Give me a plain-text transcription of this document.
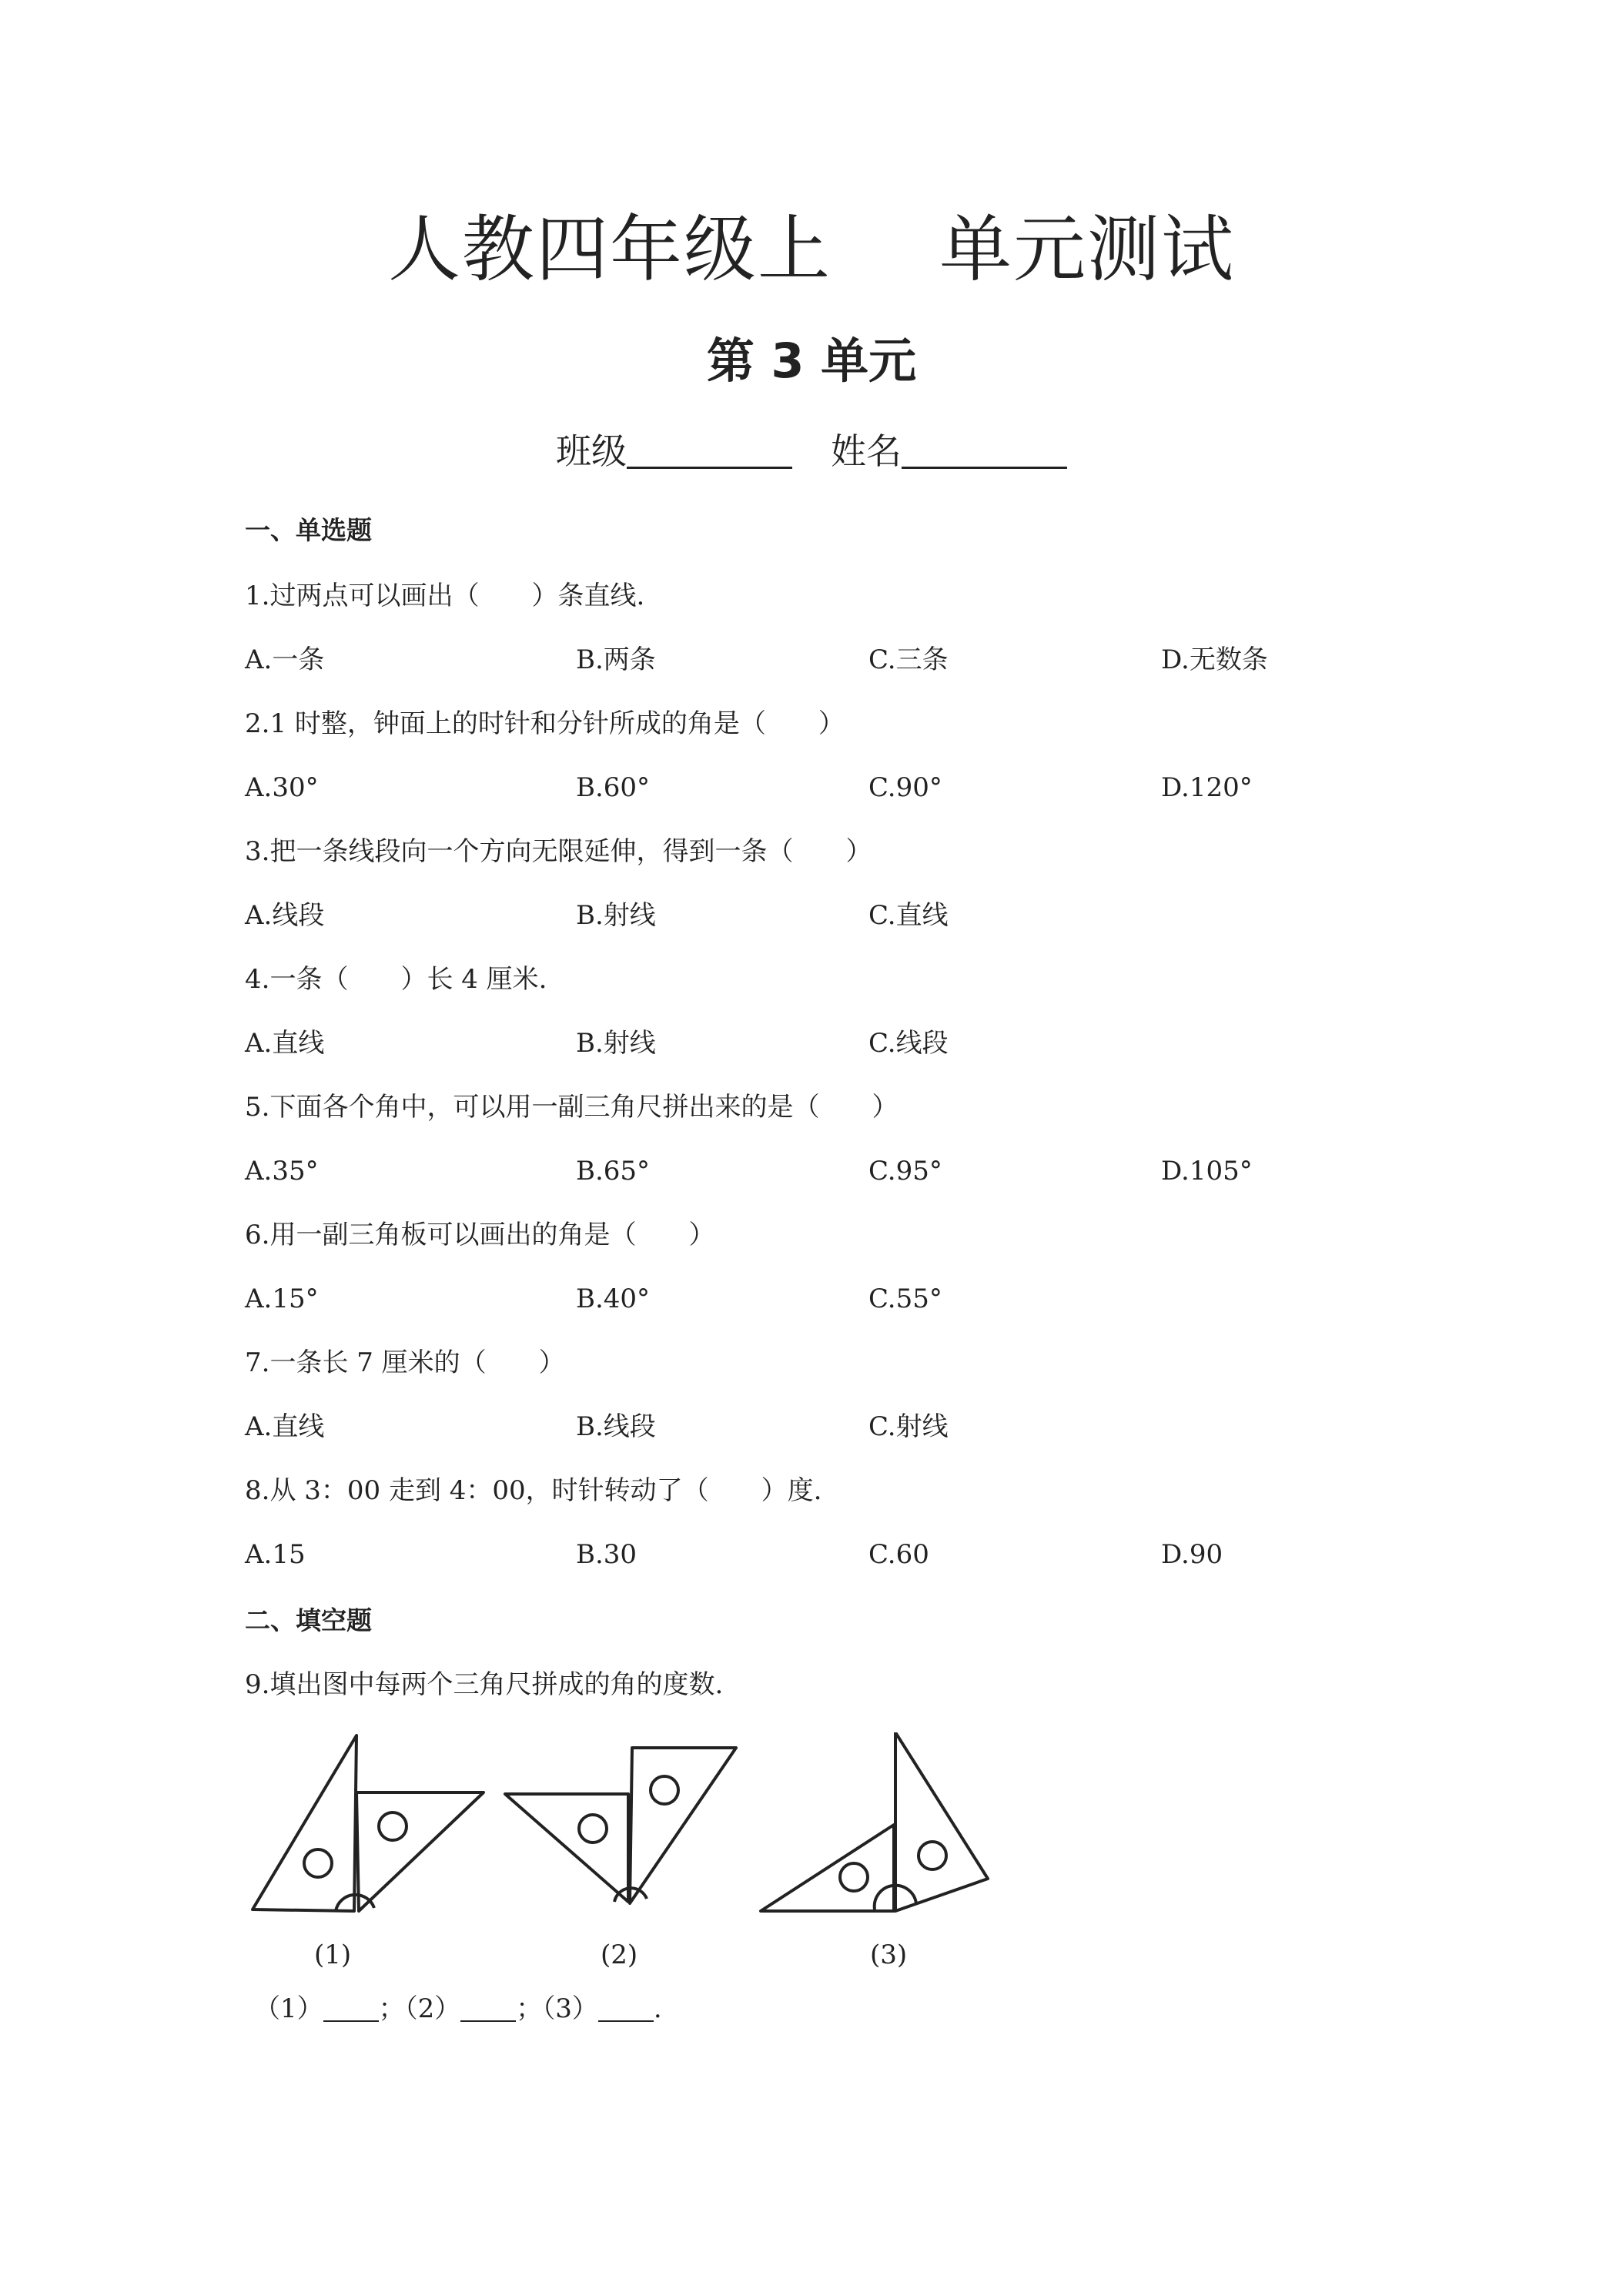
人教四年级上 单元测试
第 3 单元
班级	姓名
一、单选题
1.过两点可以画出（　　）条直线.
A.一条	B.两条	C.三条	D.无数条
2.1 时整，钟面上的时针和分针所成的角是（　　）
A.30°	B.60°	C.90°	D.120°
3.把一条线段向一个方向无限延伸，得到一条（　　）
A.线段	B.射线	C.直线
4.一条（　　）长 4 厘米.
A.直线	B.射线	C.线段
5.下面各个角中，可以用一副三角尺拼出来的是（　　）
A.35°	B.65°	C.95°	D.105°
6.用一副三角板可以画出的角是（　　）
A.15°	B.40°	C.55°
7.一条长 7 厘米的（　　）
A.直线	B.线段	C.射线
8.从 3：00 走到 4：00，时针转动了（　　）度.
A.15	B.30	C.60	D.90
二、填空题
9.填出图中每两个三角尺拼成的角的度数.
(1)	(2)	(3)
（1） ；（2） ；（3） .
